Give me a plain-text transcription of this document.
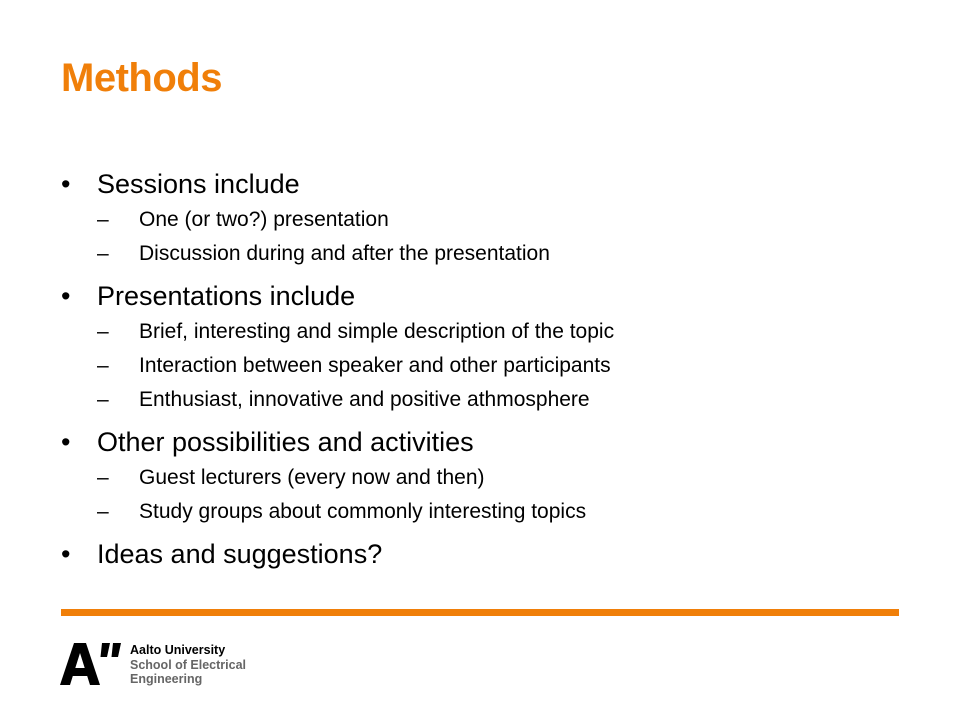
Methods
• Sessions include
– One (or two?) presentation
– Discussion during and after the presentation
• Presentations include
– Brief, interesting and simple description of the topic
– Interaction between speaker and other participants
– Enthusiast, innovative and positive athmosphere
• Other possibilities and activities
– Guest lecturers (every now and then)
– Study groups about commonly interesting topics
• Ideas and suggestions?
Aalto University
School of Electrical
Engineering
